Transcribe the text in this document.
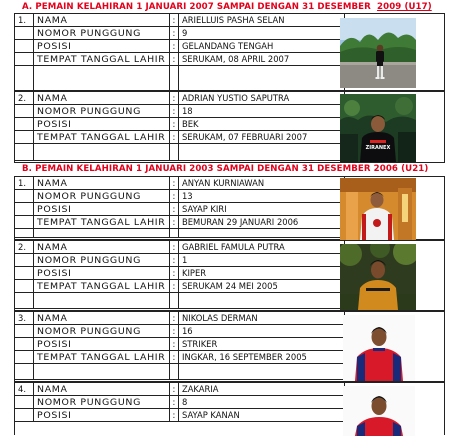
A. PEMAIN KELAHIRAN 1 JANUARI 2007 SAMPAI DENGAN 31 DESEMBER 2009 (U17)
1.	NAMA	:	ARIELLUIS PASHA SELAN
	NOMOR PUNGGUNG	:	9
	POSISI	:	GELANDANG TENGAH
	TEMPAT TANGGAL LAHIR	:	SERUKAM, 08 APRIL 2007

2.	NAMA	:	ADRIAN YUSTIO SAPUTRA
	NOMOR PUNGGUNG	:	18
	POSISI	:	BEK
	TEMPAT TANGGAL LAHIR	:	SERUKAM, 07 FEBRUARI 2007

ZIRANEX
B. PEMAIN KELAHIRAN 1 JANUARI 2003 SAMPAI DENGAN 31 DESEMBER 2006 (U21)
1.	NAMA	:	ANYAN KURNIAWAN
	NOMOR PUNGGUNG	:	13
	POSISI	:	SAYAP KIRI
	TEMPAT TANGGAL LAHIR	:	BEMURAN 29 JANUARI 2006

2.	NAMA	:	GABRIEL FAMULA PUTRA
	NOMOR PUNGGUNG	:	1
	POSISI	:	KIPER
	TEMPAT TANGGAL LAHIR	:	SERUKAM 24 MEI 2005

3.	NAMA	:	NIKOLAS DERMAN
	NOMOR PUNGGUNG	:	16
	POSISI	:	STRIKER
	TEMPAT TANGGAL LAHIR	:	INGKAR, 16 SEPTEMBER 2005

4.	NAMA	:	ZAKARIA
	NOMOR PUNGGUNG	:	8
	POSISI	:	SAYAP KANAN
